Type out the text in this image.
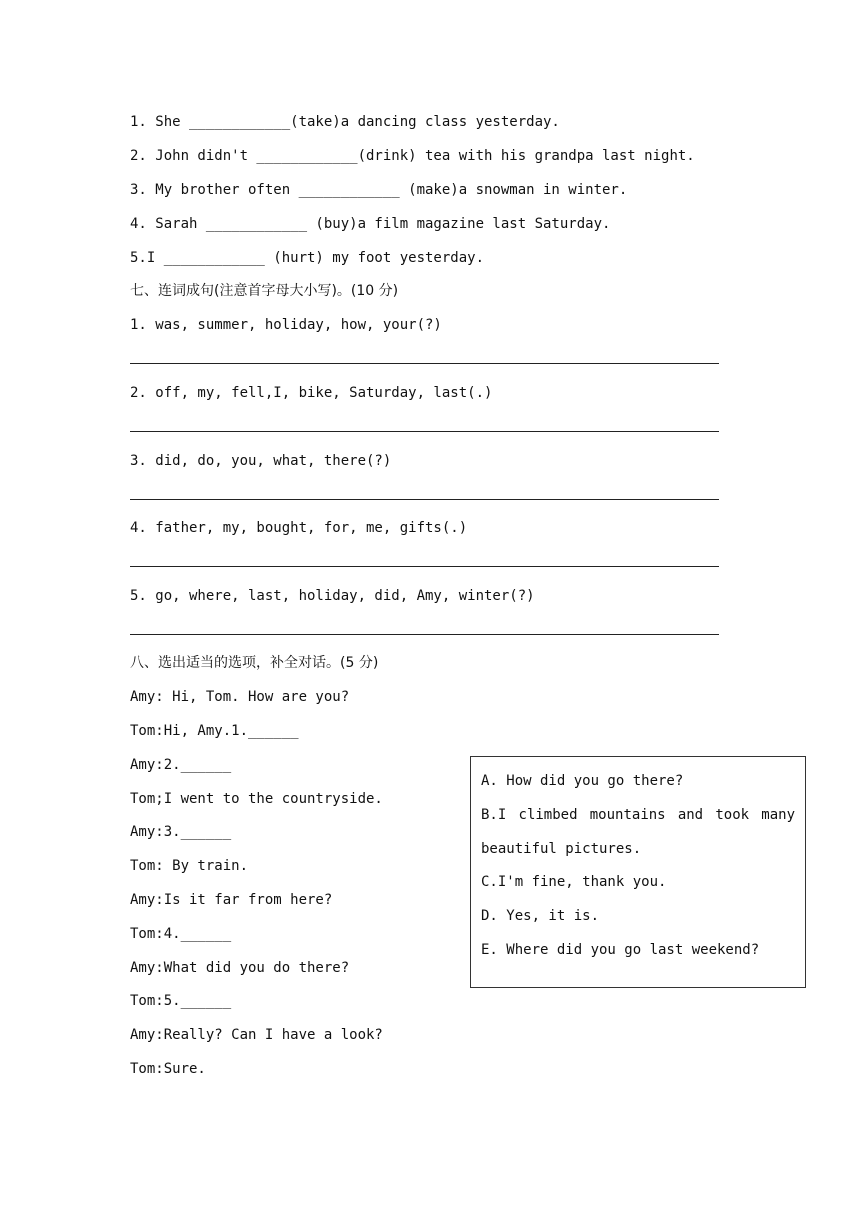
1. She ____________(take)a dancing class yesterday.
2. John didn't ____________(drink) tea with his grandpa last night.
3. My brother often ____________ (make)a snowman in winter.
4. Sarah ____________ (buy)a film magazine last Saturday.
5.I ____________ (hurt) my foot yesterday.
七、连词成句(注意首字母大小写)。(10 分)
1. was, summer, holiday, how, your(?)
2. off, my, fell,I, bike, Saturday, last(.)
3. did, do, you, what, there(?)
4. father, my, bought, for, me, gifts(.)
5. go, where, last, holiday, did, Amy, winter(?)
八、选出适当的选项，补全对话。(5 分)
Amy: Hi, Tom. How are you?
Tom:Hi, Amy.1.______
Amy:2.______
Tom;I went to the countryside.
Amy:3.______
Tom: By train.
Amy:Is it far from here?
Tom:4.______
Amy:What did you do there?
Tom:5.______
Amy:Really? Can I have a look?
Tom:Sure.
A. How did you go there?
B.I climbed mountains and took many
beautiful pictures.
C.I'm fine, thank you.
D. Yes, it is.
E. Where did you go last weekend?
